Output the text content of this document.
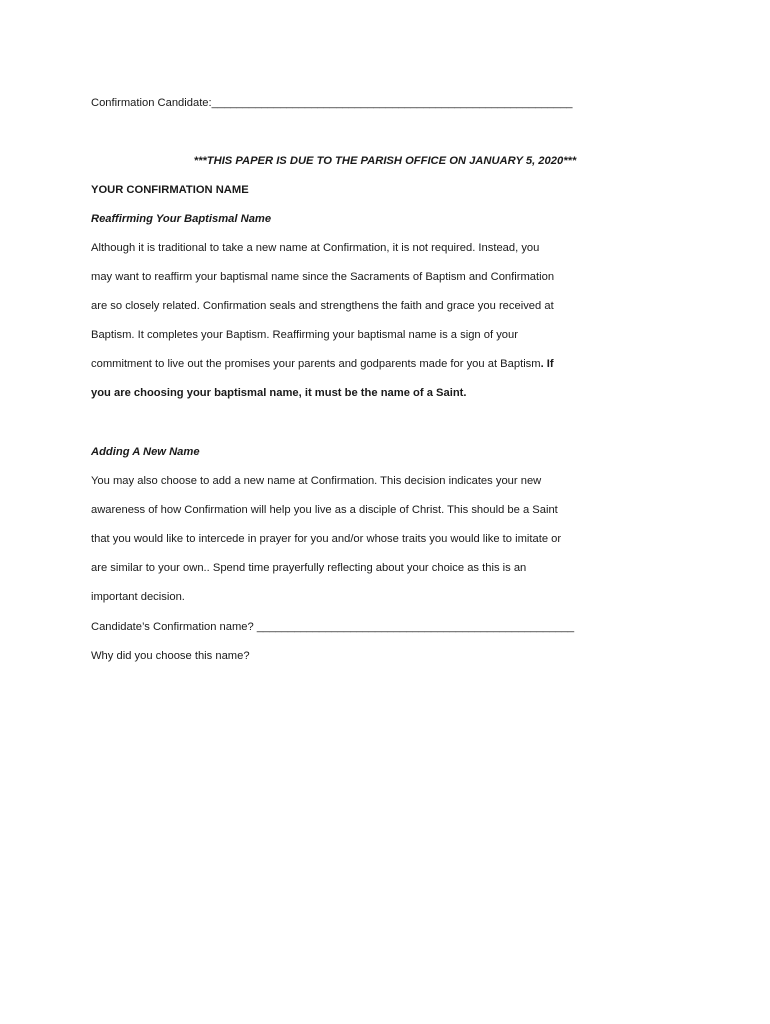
Confirmation Candidate:__________________________________________________________
***THIS PAPER IS DUE TO THE PARISH OFFICE ON JANUARY 5, 2020***
YOUR CONFIRMATION NAME
Reaffirming Your Baptismal Name
Although it is traditional to take a new name at Confirmation, it is not required. Instead, you
may want to reaffirm your baptismal name since the Sacraments of Baptism and Confirmation
are so closely related. Confirmation seals and strengthens the faith and grace you received at
Baptism. It completes your Baptism. Reaffirming your baptismal name is a sign of your
commitment to live out the promises your parents and godparents made for you at Baptism. If
you are choosing your baptismal name, it must be the name of a Saint.
Adding A New Name
You may also choose to add a new name at Confirmation. This decision indicates your new
awareness of how Confirmation will help you live as a disciple of Christ. This should be a Saint
that you would like to intercede in prayer for you and/or whose traits you would like to imitate or
are similar to your own.. Spend time prayerfully reflecting about your choice as this is an
important decision.
Candidate’s Confirmation name? ___________________________________________________
Why did you choose this name?
